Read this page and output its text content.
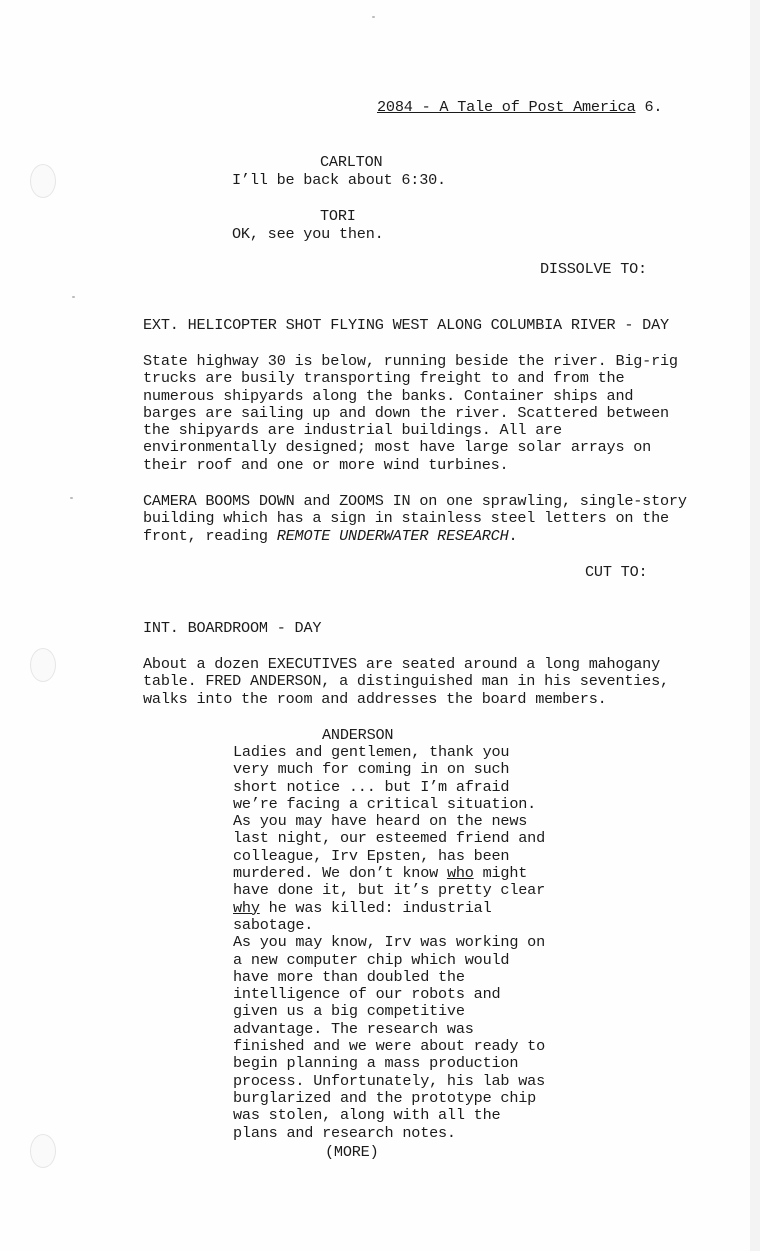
2084 - A Tale of Post America 6.
CARLTON
I’ll be back about 6:30.
TORI
OK, see you then.
DISSOLVE TO:
EXT. HELICOPTER SHOT FLYING WEST ALONG COLUMBIA RIVER - DAY
State highway 30 is below, running beside the river. Big-rig
trucks are busily transporting freight to and from the
numerous shipyards along the banks. Container ships and
barges are sailing up and down the river. Scattered between
the shipyards are industrial buildings. All are
environmentally designed; most have large solar arrays on
their roof and one or more wind turbines.
CAMERA BOOMS DOWN and ZOOMS IN on one sprawling, single-story
building which has a sign in stainless steel letters on the
front, reading REMOTE UNDERWATER RESEARCH.
CUT TO:
INT. BOARDROOM - DAY
About a dozen EXECUTIVES are seated around a long mahogany
table. FRED ANDERSON, a distinguished man in his seventies,
walks into the room and addresses the board members.
ANDERSON
Ladies and gentlemen, thank you
very much for coming in on such
short notice ... but I’m afraid
we’re facing a critical situation.
As you may have heard on the news
last night, our esteemed friend and
colleague, Irv Epsten, has been
murdered. We don’t know who might
have done it, but it’s pretty clear
why he was killed: industrial
sabotage.
As you may know, Irv was working on
a new computer chip which would
have more than doubled the
intelligence of our robots and
given us a big competitive
advantage. The research was
finished and we were about ready to
begin planning a mass production
process. Unfortunately, his lab was
burglarized and the prototype chip
was stolen, along with all the
plans and research notes.
(MORE)
